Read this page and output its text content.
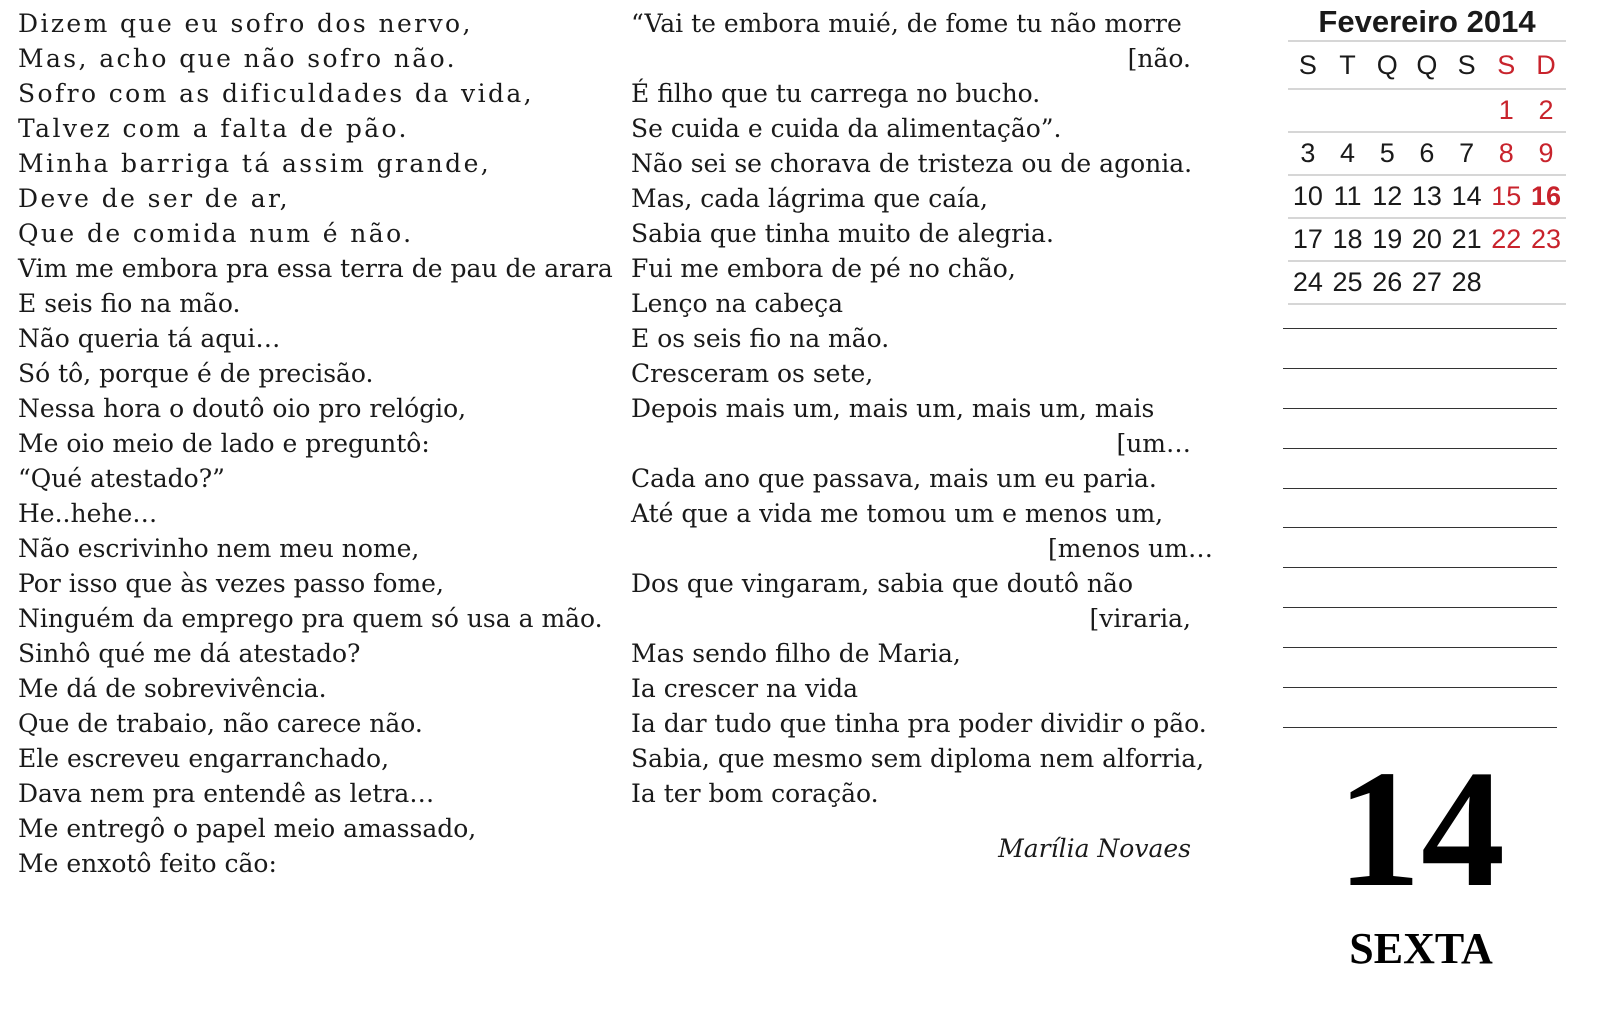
Dizem que eu sofro dos nervo,
Mas, acho que não sofro não.
Sofro com as dificuldades da vida,
Talvez com a falta de pão.
Minha barriga tá assim grande,
Deve de ser de ar,
Que de comida num é não.
Vim me embora pra essa terra de pau de arara
E seis fio na mão.
Não queria tá aqui…
Só tô, porque é de precisão.
Nessa hora o doutô oio pro relógio,
Me oio meio de lado e preguntô:
“Qué atestado?”
He..hehe…
Não escrivinho nem meu nome,
Por isso que às vezes passo fome,
Ninguém da emprego pra quem só usa a mão.
Sinhô qué me dá atestado?
Me dá de sobrevivência.
Que de trabaio, não carece não.
Ele escreveu engarranchado,
Dava nem pra entendê as letra…
Me entregô o papel meio amassado,
Me enxotô feito cão:
“Vai te embora muié, de fome tu não morre
[não.
É filho que tu carrega no bucho.
Se cuida e cuida da alimentação”.
Não sei se chorava de tristeza ou de agonia.
Mas, cada lágrima que caía,
Sabia que tinha muito de alegria.
Fui me embora de pé no chão,
Lenço na cabeça
E os seis fio na mão.
Cresceram os sete,
Depois mais um, mais um, mais um, mais
[um…
Cada ano que passava, mais um eu paria.
Até que a vida me tomou um e menos um,
[menos um…
Dos que vingaram, sabia que doutô não
[viraria,
Mas sendo filho de Maria,
Ia crescer na vida
Ia dar tudo que tinha pra poder dividir o pão.
Sabia, que mesmo sem diploma nem alforria,
Ia ter bom coração.
Marília Novaes
Fevereiro 2014
S T Q Q S S D
1 2
3 4 5 6 7 8 9
10 11 12 13 14 15 16
17 18 19 20 21 22 23
24 25 26 27 28
14
SEXTA
